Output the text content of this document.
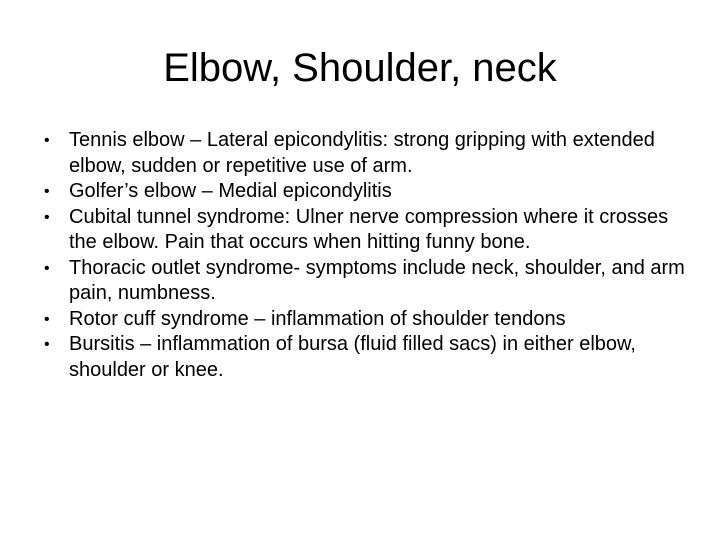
Elbow, Shoulder, neck
• Tennis elbow – Lateral epicondylitis: strong gripping with extended elbow, sudden or repetitive use of arm.
• Golfer’s elbow – Medial epicondylitis
• Cubital tunnel syndrome: Ulner nerve compression where it crosses the elbow. Pain that occurs when hitting funny bone.
• Thoracic outlet syndrome- symptoms include neck, shoulder, and arm pain, numbness.
• Rotor cuff syndrome – inflammation of shoulder tendons
• Bursitis – inflammation of bursa (fluid filled sacs) in either elbow, shoulder or knee.
